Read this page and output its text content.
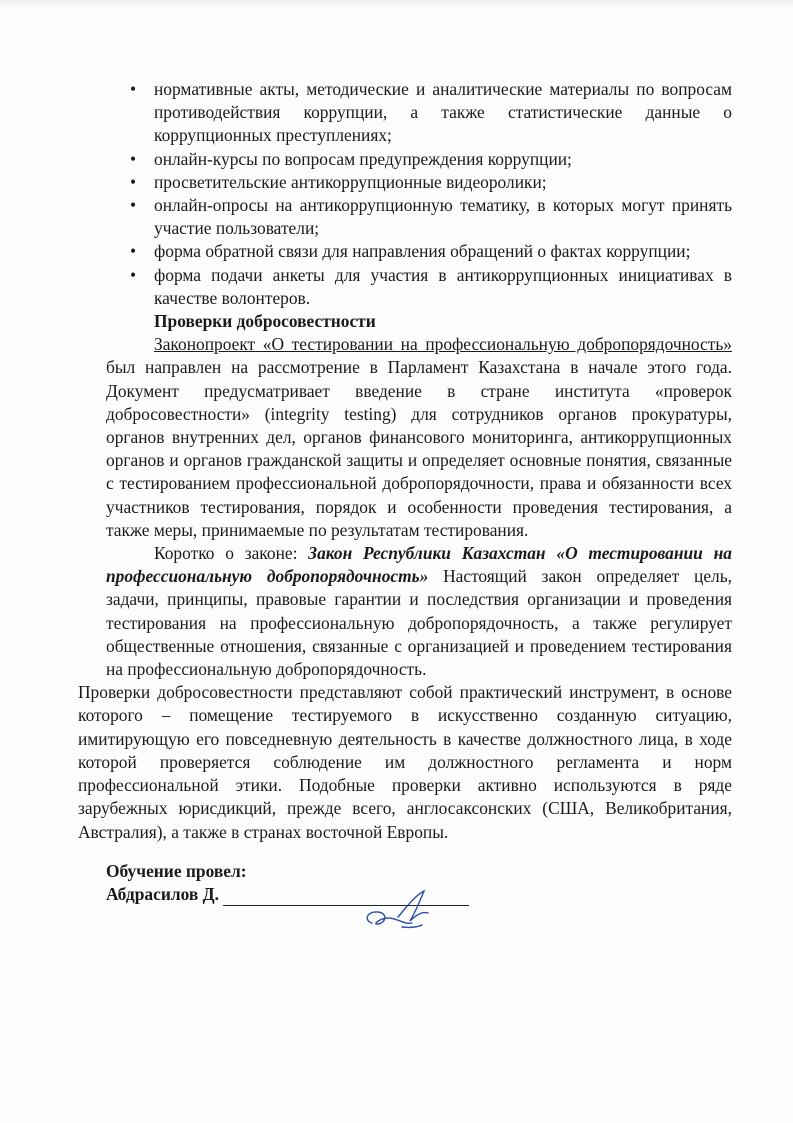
• нормативные акты, методические и аналитические материалы по вопросам противодействия коррупции, а также статистические данные о коррупционных преступлениях;
• онлайн-курсы по вопросам предупреждения коррупции;
• просветительские антикоррупционные видеоролики;
• онлайн-опросы на антикоррупционную тематику, в которых могут принять участие пользователи;
• форма обратной связи для направления обращений о фактах коррупции;
• форма подачи анкеты для участия в антикоррупционных инициативах в качестве волонтеров.
Проверки добросовестности

Законопроект «О тестировании на профессиональную добропорядочность» был направлен на рассмотрение в Парламент Казахстана в начале этого года. Документ предусматривает введение в стране института «проверок добросовестности» (integrity testing) для сотрудников органов прокуратуры, органов внутренних дел, органов финансового мониторинга, антикоррупционных органов и органов гражданской защиты и определяет основные понятия, связанные с тестированием профессиональной добропорядочности, права и обязанности всех участников тестирования, порядок и особенности проведения тестирования, а также меры, принимаемые по результатам тестирования.

Коротко о законе: Закон Республики Казахстан «О тестировании на профессиональную добропорядочность» Настоящий закон определяет цель, задачи, принципы, правовые гарантии и последствия организации и проведения тестирования на профессиональную добропорядочность, а также регулирует общественные отношения, связанные с организацией и проведением тестирования на профессиональную добропорядочность.

Проверки добросовестности представляют собой практический инструмент, в основе которого – помещение тестируемого в искусственно созданную ситуацию, имитирующую его повседневную деятельность в качестве должностного лица, в ходе которой проверяется соблюдение им должностного регламента и норм профессиональной этики. Подобные проверки активно используются в ряде зарубежных юрисдикций, прежде всего, англосаксонских (США, Великобритания, Австралия), а также в странах восточной Европы.

Обучение провел:
Абдрасилов Д.
